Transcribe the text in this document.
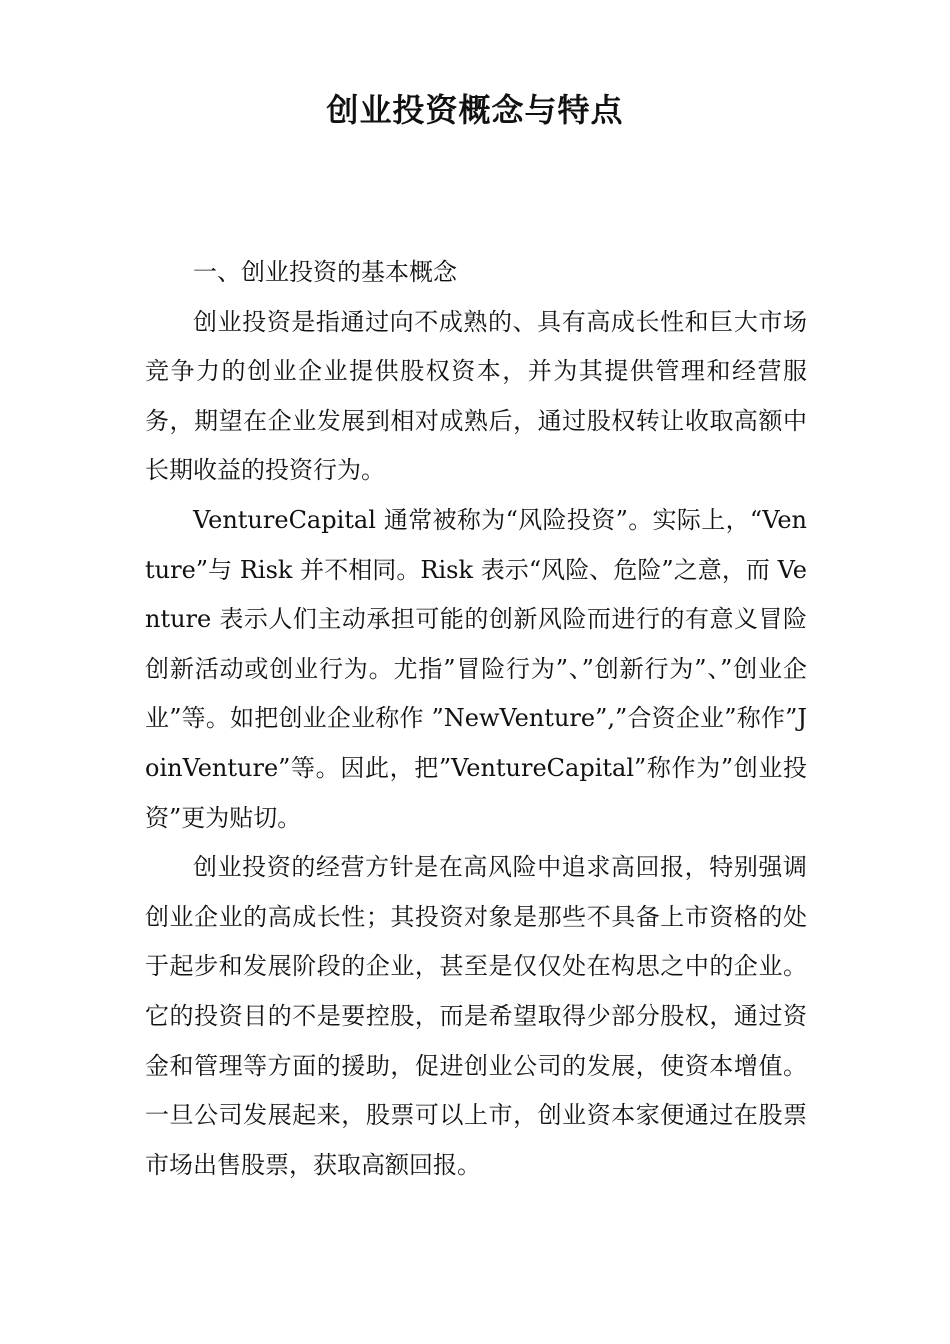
创业投资概念与特点
一、创业投资的基本概念

创业投资是指通过向不成熟的、具有高成长性和巨大市场竞争力的创业企业提供股权资本，并为其提供管理和经营服务，期望在企业发展到相对成熟后，通过股权转让收取高额中长期收益的投资行为。

VentureCapital 通常被称为“风险投资”。实际上，“Venture”与 Risk 并不相同。Risk 表示“风险、危险”之意，而 Venture 表示人们主动承担可能的创新风险而进行的有意义冒险创新活动或创业行为。尤指”冒险行为”、”创新行为”、”创业企业”等。如把创业企业称作 ”NewVenture”,”合资企业”称作”JoinVenture”等。因此，把”VentureCapital”称作为”创业投资”更为贴切。

创业投资的经营方针是在高风险中追求高回报，特别强调创业企业的高成长性；其投资对象是那些不具备上市资格的处于起步和发展阶段的企业，甚至是仅仅处在构思之中的企业。它的投资目的不是要控股，而是希望取得少部分股权，通过资金和管理等方面的援助，促进创业公司的发展，使资本增值。一旦公司发展起来，股票可以上市，创业资本家便通过在股票市场出售股票，获取高额回报。
